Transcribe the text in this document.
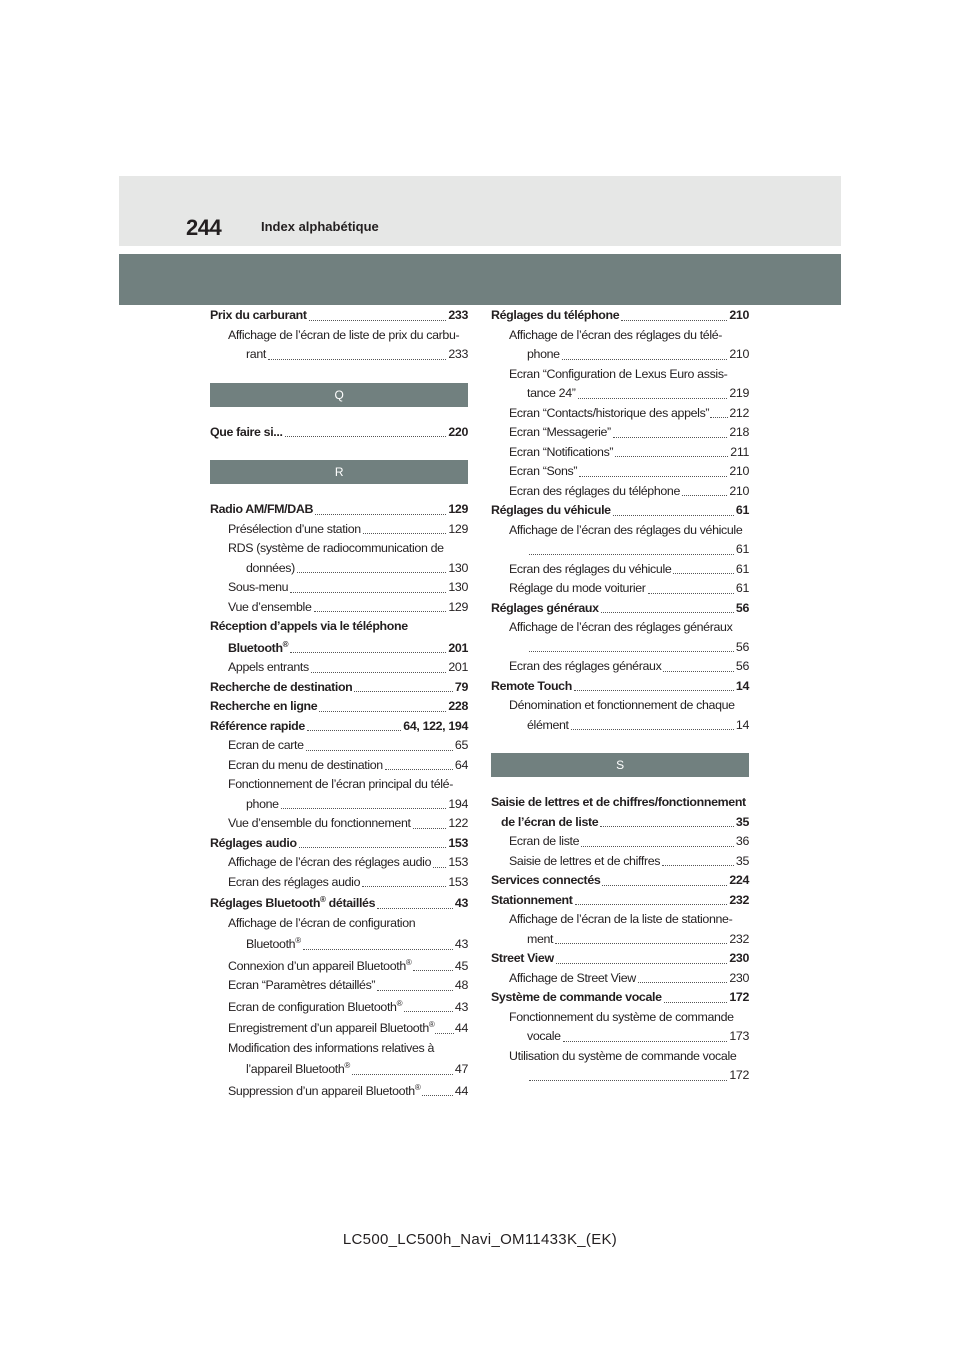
244	Index alphabétique
Prix du carburant	233
Affichage de l’écran de liste de prix du carbu-
rant	233
Q
Que faire si...	220
R
Radio AM/FM/DAB	129
Présélection d’une station	129
RDS (système de radiocommunication de
données)	130
Sous-menu	130
Vue d’ensemble	129
Réception d’appels via le téléphone
Bluetooth®	201
Appels entrants	201
Recherche de destination	79
Recherche en ligne	228
Référence rapide	64, 122, 194
Ecran de carte	65
Ecran du menu de destination	64
Fonctionnement de l’écran principal du télé-
phone	194
Vue d’ensemble du fonctionnement	122
Réglages audio	153
Affichage de l’écran des réglages audio 153
Ecran des réglages audio	153
Réglages Bluetooth® détaillés	43
Affichage de l’écran de configuration
Bluetooth®	43
Connexion d’un appareil Bluetooth®	45
Ecran “Paramètres détaillés”	48
Ecran de configuration Bluetooth®	43
Enregistrement d’un appareil Bluetooth® 44
Modification des informations relatives à
l’appareil Bluetooth®	47
Suppression d’un appareil Bluetooth®	44
Réglages du téléphone	210
Affichage de l’écran des réglages du télé-
phone	210
Ecran “Configuration de Lexus Euro assis-
tance 24”	219
Ecran “Contacts/historique des appels” 212
Ecran “Messagerie”	218
Ecran “Notifications”	211
Ecran “Sons”	210
Ecran des réglages du téléphone	210
Réglages du véhicule	61
Affichage de l’écran des réglages du véhicule
61
Ecran des réglages du véhicule	61
Réglage du mode voiturier	61
Réglages généraux	56
Affichage de l’écran des réglages généraux
56
Ecran des réglages généraux	56
Remote Touch	14
Dénomination et fonctionnement de chaque
élément	14
S
Saisie de lettres et de chiffres/fonctionnement
de l’écran de liste	35
Ecran de liste	36
Saisie de lettres et de chiffres	35
Services connectés	224
Stationnement	232
Affichage de l’écran de la liste de stationne-
ment	232
Street View	230
Affichage de Street View	230
Système de commande vocale	172
Fonctionnement du système de commande
vocale	173
Utilisation du système de commande vocale
172
LC500_LC500h_Navi_OM11433K_(EK)
